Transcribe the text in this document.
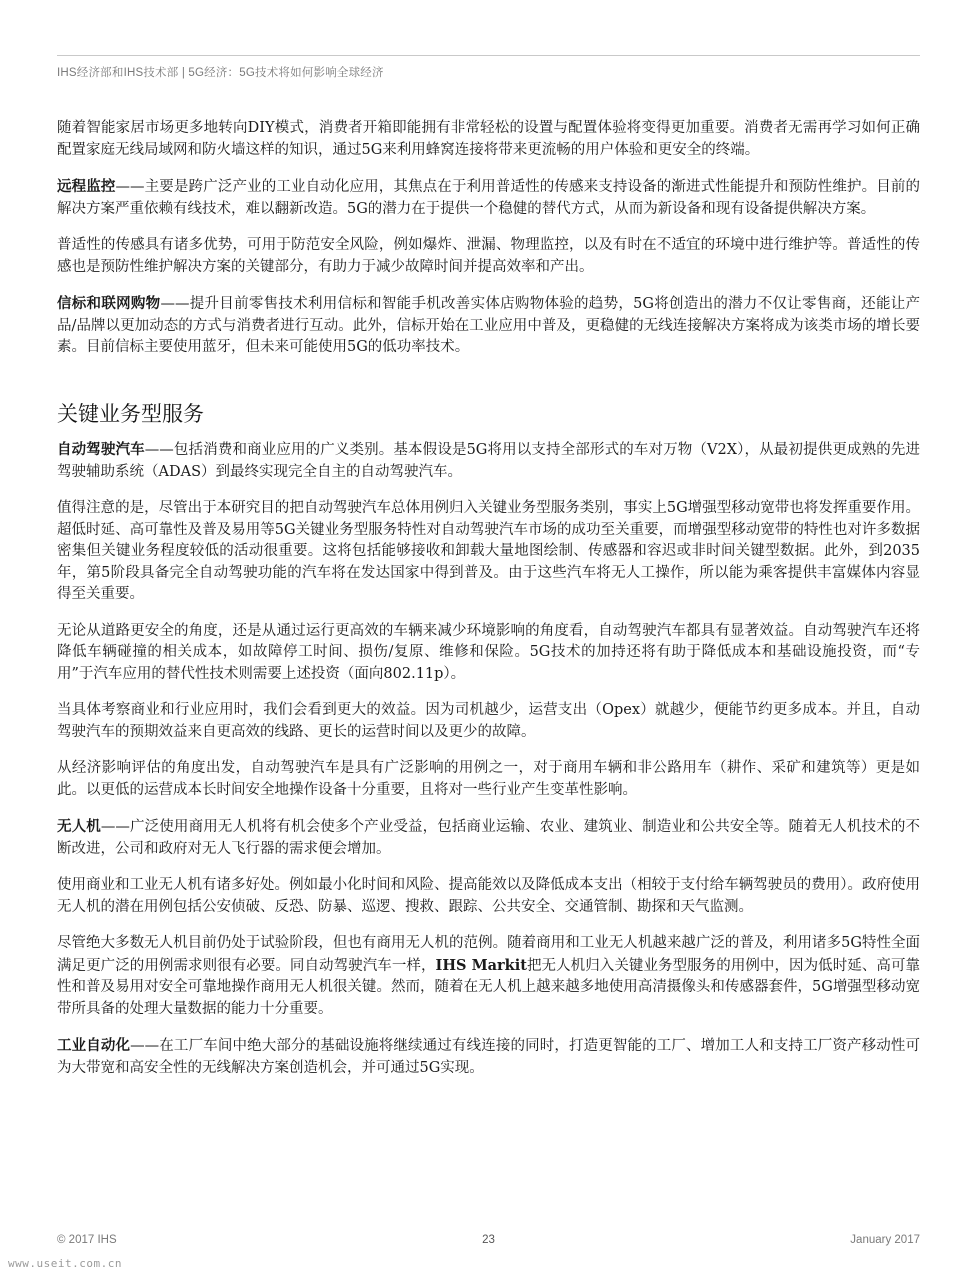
IHS经济部和IHS技术部 | 5G经济：5G技术将如何影响全球经济

随着智能家居市场更多地转向DIY模式，消费者开箱即能拥有非常轻松的设置与配置体验将变得更加重要。消费者无需再学习如何正确配置家庭无线局域网和防火墙这样的知识，通过5G来利用蜂窝连接将带来更流畅的用户体验和更安全的终端。

远程监控——主要是跨广泛产业的工业自动化应用，其焦点在于利用普适性的传感来支持设备的渐进式性能提升和预防性维护。目前的解决方案严重依赖有线技术，难以翻新改造。5G的潜力在于提供一个稳健的替代方式，从而为新设备和现有设备提供解决方案。

普适性的传感具有诸多优势，可用于防范安全风险，例如爆炸、泄漏、物理监控，以及有时在不适宜的环境中进行维护等。普适性的传感也是预防性维护解决方案的关键部分，有助力于减少故障时间并提高效率和产出。

信标和联网购物——提升目前零售技术利用信标和智能手机改善实体店购物体验的趋势，5G将创造出的潜力不仅让零售商，还能让产品/品牌以更加动态的方式与消费者进行互动。此外，信标开始在工业应用中普及，更稳健的无线连接解决方案将成为该类市场的增长要素。目前信标主要使用蓝牙，但未来可能使用5G的低功率技术。

关键业务型服务

自动驾驶汽车——包括消费和商业应用的广义类别。基本假设是5G将用以支持全部形式的车对万物（V2X），从最初提供更成熟的先进驾驶辅助系统（ADAS）到最终实现完全自主的自动驾驶汽车。

值得注意的是，尽管出于本研究目的把自动驾驶汽车总体用例归入关键业务型服务类别，事实上5G增强型移动宽带也将发挥重要作用。超低时延、高可靠性及普及易用等5G关键业务型服务特性对自动驾驶汽车市场的成功至关重要，而增强型移动宽带的特性也对许多数据密集但关键业务程度较低的活动很重要。这将包括能够接收和卸载大量地图绘制、传感器和容迟或非时间关键型数据。此外，到2035年，第5阶段具备完全自动驾驶功能的汽车将在发达国家中得到普及。由于这些汽车将无人工操作，所以能为乘客提供丰富媒体内容显得至关重要。

无论从道路更安全的角度，还是从通过运行更高效的车辆来减少环境影响的角度看，自动驾驶汽车都具有显著效益。自动驾驶汽车还将降低车辆碰撞的相关成本，如故障停工时间、损伤/复原、维修和保险。5G技术的加持还将有助于降低成本和基础设施投资，而“专用”于汽车应用的替代性技术则需要上述投资（面向802.11p）。

当具体考察商业和行业应用时，我们会看到更大的效益。因为司机越少，运营支出（Opex）就越少，便能节约更多成本。并且，自动驾驶汽车的预期效益来自更高效的线路、更长的运营时间以及更少的故障。

从经济影响评估的角度出发，自动驾驶汽车是具有广泛影响的用例之一，对于商用车辆和非公路用车（耕作、采矿和建筑等）更是如此。以更低的运营成本长时间安全地操作设备十分重要，且将对一些行业产生变革性影响。

无人机——广泛使用商用无人机将有机会使多个产业受益，包括商业运输、农业、建筑业、制造业和公共安全等。随着无人机技术的不断改进，公司和政府对无人飞行器的需求便会增加。

使用商业和工业无人机有诸多好处。例如最小化时间和风险、提高能效以及降低成本支出（相较于支付给车辆驾驶员的费用）。政府使用无人机的潜在用例包括公安侦破、反恐、防暴、巡逻、搜救、跟踪、公共安全、交通管制、勘探和天气监测。

尽管绝大多数无人机目前仍处于试验阶段，但也有商用无人机的范例。随着商用和工业无人机越来越广泛的普及，利用诸多5G特性全面满足更广泛的用例需求则很有必要。同自动驾驶汽车一样，IHS Markit把无人机归入关键业务型服务的用例中，因为低时延、高可靠性和普及易用对安全可靠地操作商用无人机很关键。然而，随着在无人机上越来越多地使用高清摄像头和传感器套件，5G增强型移动宽带所具备的处理大量数据的能力十分重要。

工业自动化——在工厂车间中绝大部分的基础设施将继续通过有线连接的同时，打造更智能的工厂、增加工人和支持工厂资产移动性可为大带宽和高安全性的无线解决方案创造机会，并可通过5G实现。

© 2017 IHS	23	January 2017
www.useit.com.cn
